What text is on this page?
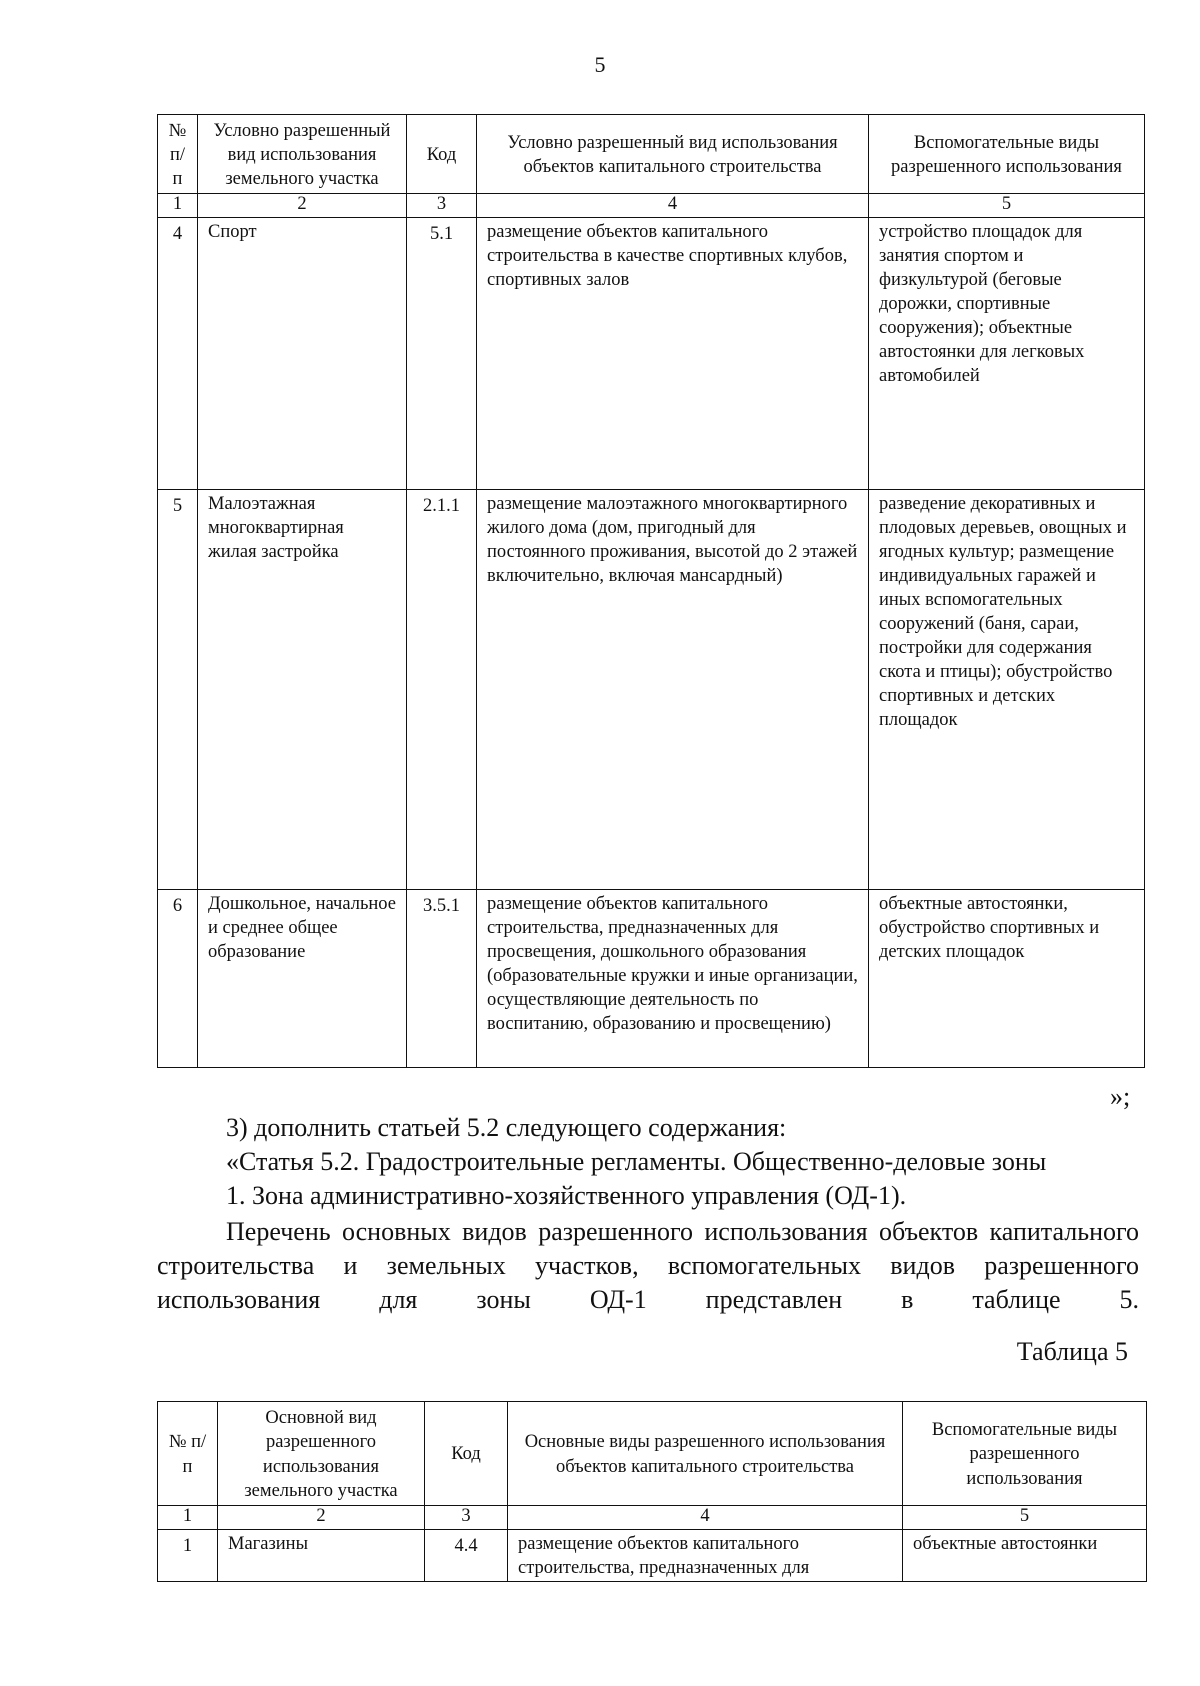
5
№ п/п	Условно разрешенный вид использования земельного участка	Код	Условно разрешенный вид использования объектов капитального строительства	Вспомогательные виды разрешенного использования
1	2	3	4	5
4	Спорт	5.1	размещение объектов капитального строительства в качестве спортивных клубов, спортивных залов	устройство площадок для занятия спортом и физкультурой (беговые дорожки, спортивные сооружения); объектные автостоянки для легковых автомобилей
5	Малоэтажная многоквартирная жилая застройка	2.1.1	размещение малоэтажного многоквартирного жилого дома (дом, пригодный для постоянного проживания, высотой до 2 этажей включительно, включая мансардный)	разведение декоративных и плодовых деревьев, овощных и ягодных культур; размещение индивидуальных гаражей и иных вспомогательных сооружений (баня, сараи, постройки для содержания скота и птицы); обустройство спортивных и детских площадок
6	Дошкольное, начальное и среднее общее образование	3.5.1	размещение объектов капитального строительства, предназначенных для просвещения, дошкольного образования (образовательные кружки и иные организации, осуществляющие деятельность по воспитанию, образованию и просвещению)	объектные автостоянки, обустройство спортивных и детских площадок
»;

3) дополнить статьей 5.2 следующего содержания:

«Статья 5.2. Градостроительные регламенты. Общественно-деловые зоны

1. Зона административно-хозяйственного управления (ОД-1).

Перечень основных видов разрешенного использования объектов капитального строительства и земельных участков, вспомогательных видов разрешенного использования для зоны ОД-1 представлен в таблице 5.

Таблица 5
№ п/п	Основной вид разрешенного использования земельного участка	Код	Основные виды разрешенного использования объектов капитального строительства	Вспомогательные виды разрешенного использования
1	2	3	4	5
1	Магазины	4.4	размещение объектов капитального строительства, предназначенных для	объектные автостоянки
